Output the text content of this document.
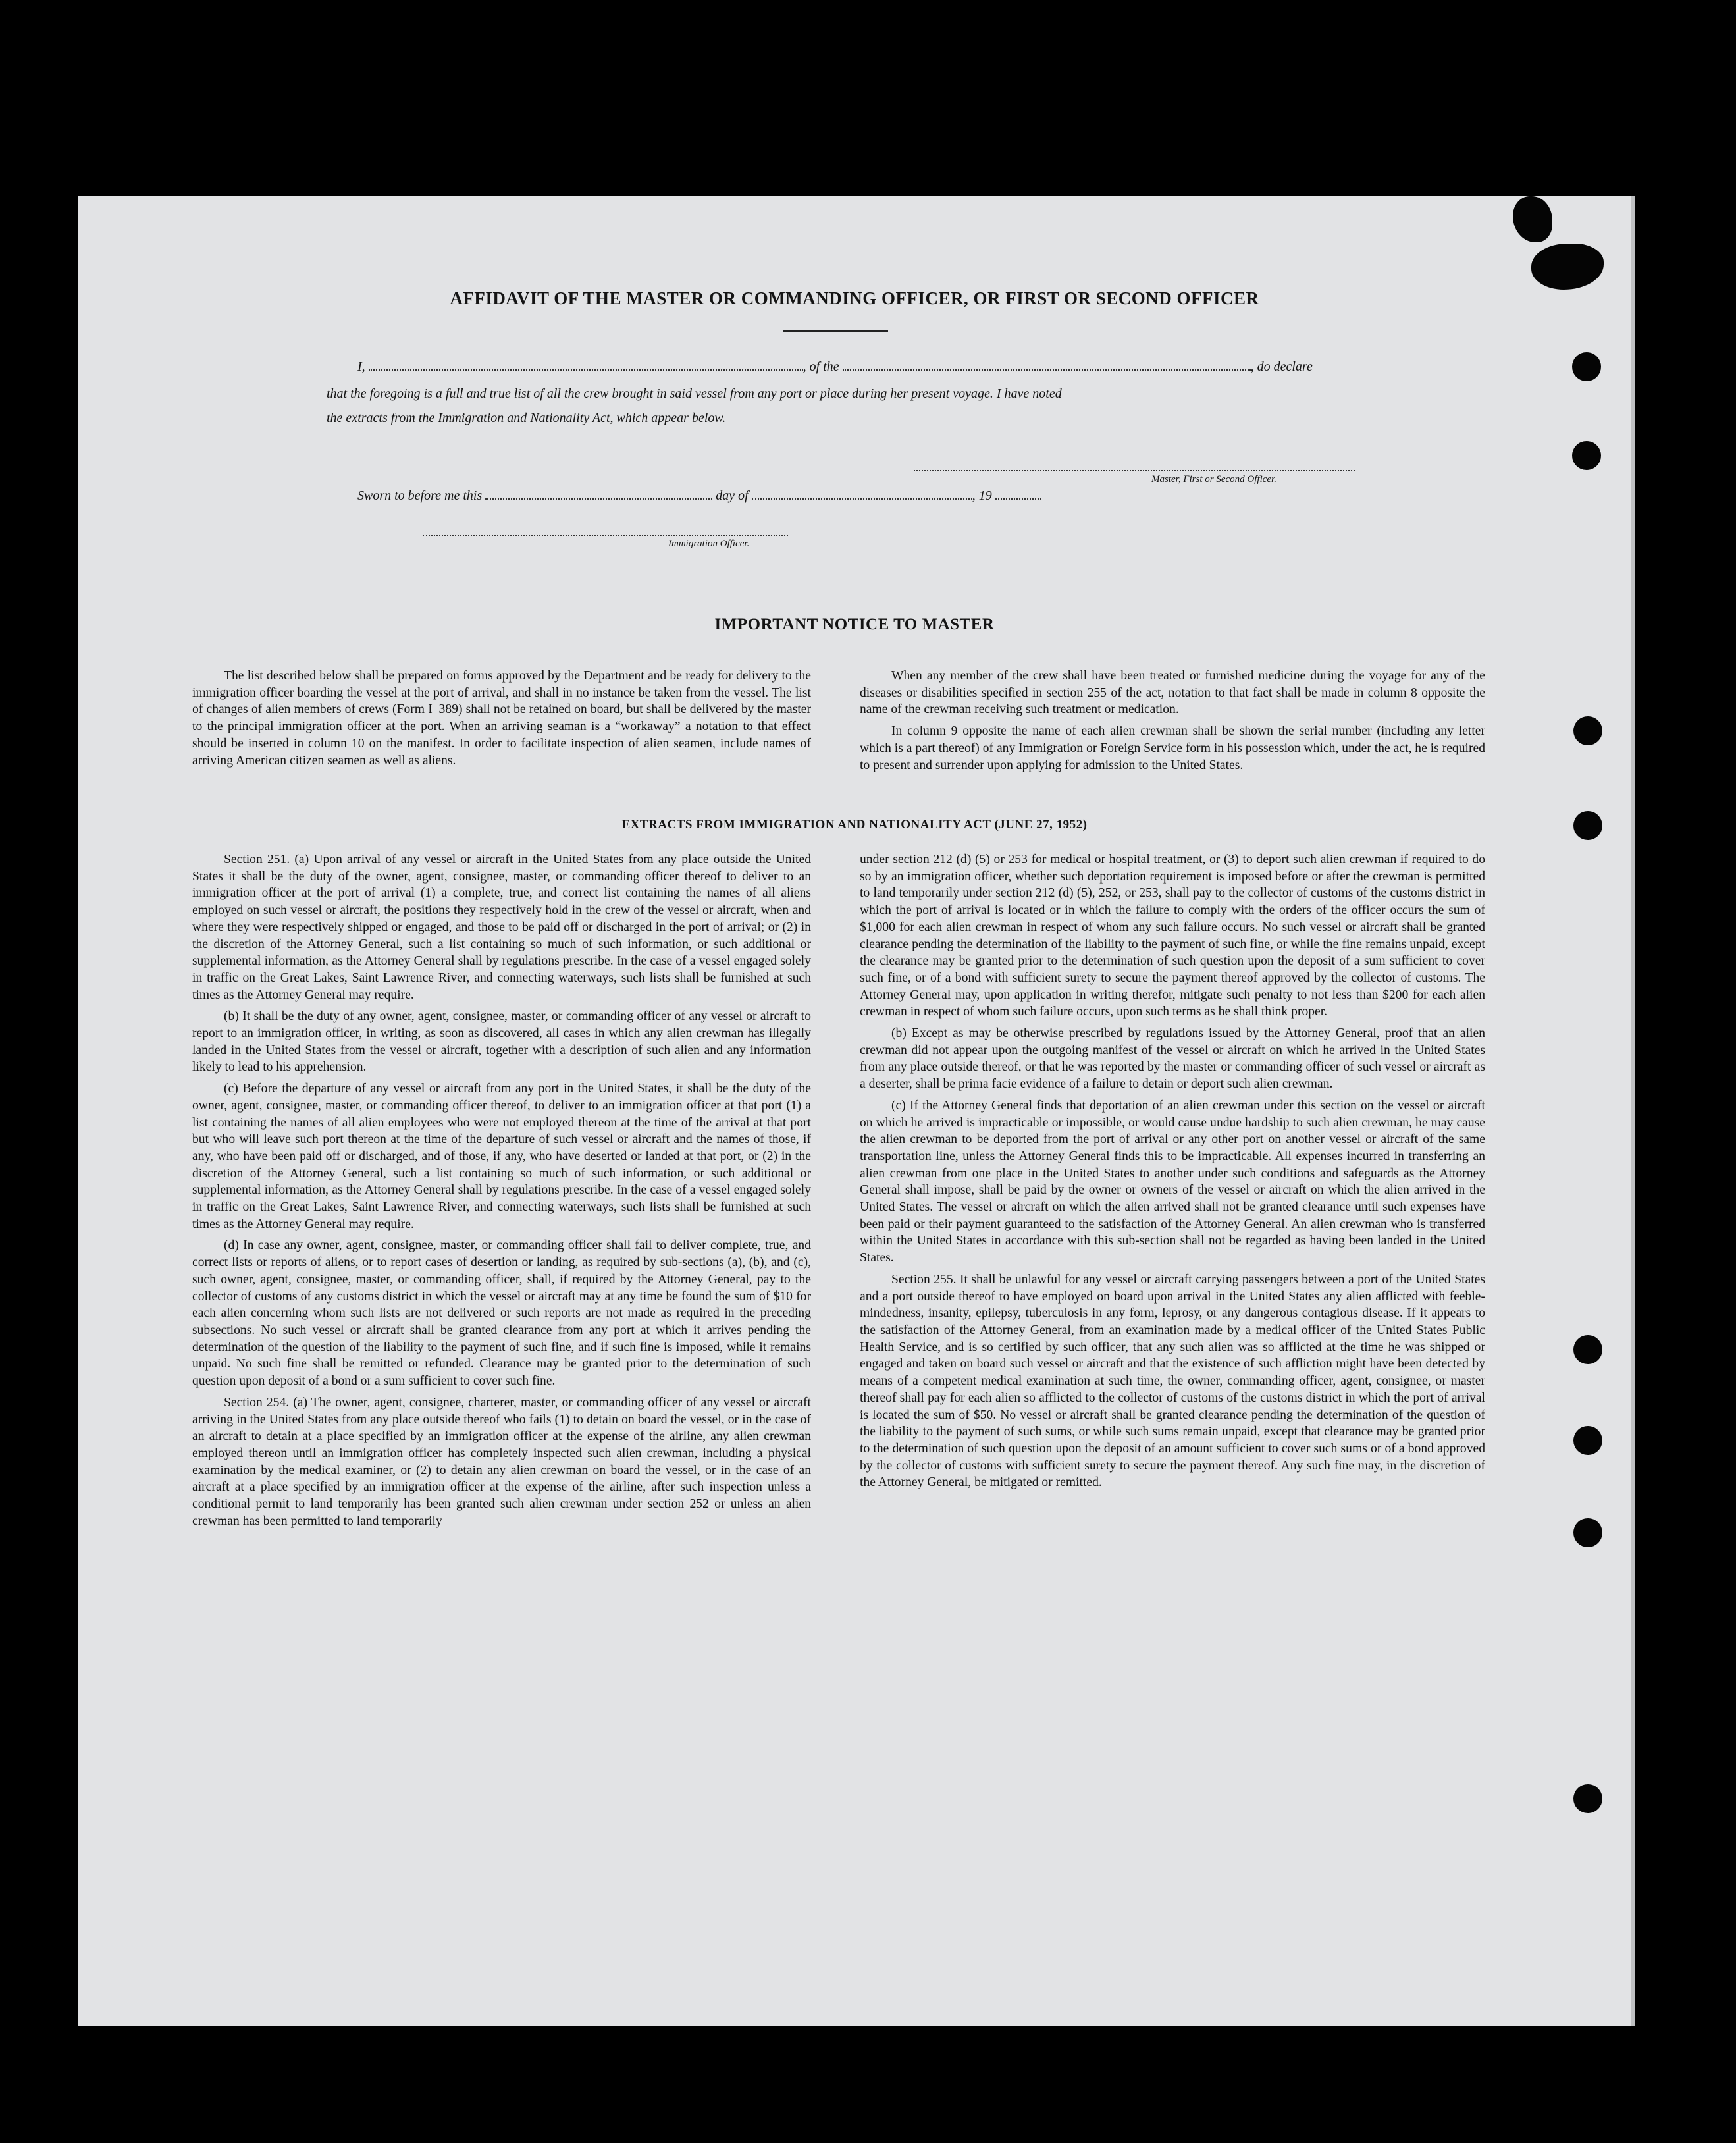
AFFIDAVIT OF THE MASTER OR COMMANDING OFFICER, OR FIRST OR SECOND OFFICER
I,	, of the	, do declare
that the foregoing is a full and true list of all the crew brought in said vessel from any port or place during her present voyage. I have noted
the extracts from the Immigration and Nationality Act, which appear below.
Master, First or Second Officer.
Sworn to before me this	day of	, 19
Immigration Officer.
IMPORTANT NOTICE TO MASTER

The list described below shall be prepared on forms approved by the Department and be ready for delivery to the immigration officer boarding the vessel at the port of arrival, and shall in no instance be taken from the vessel. The list of changes of alien members of crews (Form I–389) shall not be retained on board, but shall be delivered by the master to the principal immigration officer at the port. When an arriving seaman is a “workaway” a notation to that effect should be inserted in column 10 on the manifest. In order to facilitate inspection of alien seamen, include names of arriving American citizen seamen as well as aliens.

When any member of the crew shall have been treated or furnished medicine during the voyage for any of the diseases or disabilities specified in section 255 of the act, notation to that fact shall be made in column 8 opposite the name of the crewman receiving such treatment or medication.

In column 9 opposite the name of each alien crewman shall be shown the serial number (including any letter which is a part thereof) of any Immigration or Foreign Service form in his possession which, under the act, he is required to present and surrender upon applying for admission to the United States.

EXTRACTS FROM IMMIGRATION AND NATIONALITY ACT (JUNE 27, 1952)

Section 251. (a) Upon arrival of any vessel or aircraft in the United States from any place outside the United States it shall be the duty of the owner, agent, consignee, master, or commanding officer thereof to deliver to an immigration officer at the port of arrival (1) a complete, true, and correct list containing the names of all aliens employed on such vessel or aircraft, the positions they respectively hold in the crew of the vessel or aircraft, when and where they were respectively shipped or engaged, and those to be paid off or discharged in the port of arrival; or (2) in the discretion of the Attorney General, such a list containing so much of such information, or such additional or supplemental information, as the Attorney General shall by regulations prescribe. In the case of a vessel engaged solely in traffic on the Great Lakes, Saint Lawrence River, and connecting waterways, such lists shall be furnished at such times as the Attorney General may require.

(b) It shall be the duty of any owner, agent, consignee, master, or commanding officer of any vessel or aircraft to report to an immigration officer, in writing, as soon as discovered, all cases in which any alien crewman has illegally landed in the United States from the vessel or aircraft, together with a description of such alien and any information likely to lead to his apprehension.

(c) Before the departure of any vessel or aircraft from any port in the United States, it shall be the duty of the owner, agent, consignee, master, or commanding officer thereof, to deliver to an immigration officer at that port (1) a list containing the names of all alien employees who were not employed thereon at the time of the arrival at that port but who will leave such port thereon at the time of the departure of such vessel or aircraft and the names of those, if any, who have been paid off or discharged, and of those, if any, who have deserted or landed at that port, or (2) in the discretion of the Attorney General, such a list containing so much of such information, or such additional or supplemental information, as the Attorney General shall by regulations prescribe. In the case of a vessel engaged solely in traffic on the Great Lakes, Saint Lawrence River, and connecting waterways, such lists shall be furnished at such times as the Attorney General may require.

(d) In case any owner, agent, consignee, master, or commanding officer shall fail to deliver complete, true, and correct lists or reports of aliens, or to report cases of desertion or landing, as required by sub-sections (a), (b), and (c), such owner, agent, consignee, master, or commanding officer, shall, if required by the Attorney General, pay to the collector of customs of any customs district in which the vessel or aircraft may at any time be found the sum of $10 for each alien concerning whom such lists are not delivered or such reports are not made as required in the preceding subsections. No such vessel or aircraft shall be granted clearance from any port at which it arrives pending the determination of the question of the liability to the payment of such fine, and if such fine is imposed, while it remains unpaid. No such fine shall be remitted or refunded. Clearance may be granted prior to the determination of such question upon deposit of a bond or a sum sufficient to cover such fine.

Section 254. (a) The owner, agent, consignee, charterer, master, or commanding officer of any vessel or aircraft arriving in the United States from any place outside thereof who fails (1) to detain on board the vessel, or in the case of an aircraft to detain at a place specified by an immigration officer at the expense of the airline, any alien crewman employed thereon until an immigration officer has completely inspected such alien crewman, including a physical examination by the medical examiner, or (2) to detain any alien crewman on board the vessel, or in the case of an aircraft at a place specified by an immigration officer at the expense of the airline, after such inspection unless a conditional permit to land temporarily has been granted such alien crewman under section 252 or unless an alien crewman has been permitted to land temporarily

under section 212 (d) (5) or 253 for medical or hospital treatment, or (3) to deport such alien crewman if required to do so by an immigration officer, whether such deportation requirement is imposed before or after the crewman is permitted to land temporarily under section 212 (d) (5), 252, or 253, shall pay to the collector of customs of the customs district in which the port of arrival is located or in which the failure to comply with the orders of the officer occurs the sum of $1,000 for each alien crewman in respect of whom any such failure occurs. No such vessel or aircraft shall be granted clearance pending the determination of the liability to the payment of such fine, or while the fine remains unpaid, except the clearance may be granted prior to the determination of such question upon the deposit of a sum sufficient to cover such fine, or of a bond with sufficient surety to secure the payment thereof approved by the collector of customs. The Attorney General may, upon application in writing therefor, mitigate such penalty to not less than $200 for each alien crewman in respect of whom such failure occurs, upon such terms as he shall think proper.

(b) Except as may be otherwise prescribed by regulations issued by the Attorney General, proof that an alien crewman did not appear upon the outgoing manifest of the vessel or aircraft on which he arrived in the United States from any place outside thereof, or that he was reported by the master or commanding officer of such vessel or aircraft as a deserter, shall be prima facie evidence of a failure to detain or deport such alien crewman.

(c) If the Attorney General finds that deportation of an alien crewman under this section on the vessel or aircraft on which he arrived is impracticable or impossible, or would cause undue hardship to such alien crewman, he may cause the alien crewman to be deported from the port of arrival or any other port on another vessel or aircraft of the same transportation line, unless the Attorney General finds this to be impracticable. All expenses incurred in transferring an alien crewman from one place in the United States to another under such conditions and safeguards as the Attorney General shall impose, shall be paid by the owner or owners of the vessel or aircraft on which the alien arrived in the United States. The vessel or aircraft on which the alien arrived shall not be granted clearance until such expenses have been paid or their payment guaranteed to the satisfaction of the Attorney General. An alien crewman who is transferred within the United States in accordance with this sub-section shall not be regarded as having been landed in the United States.

Section 255. It shall be unlawful for any vessel or aircraft carrying passengers between a port of the United States and a port outside thereof to have employed on board upon arrival in the United States any alien afflicted with feeble-mindedness, insanity, epilepsy, tuberculosis in any form, leprosy, or any dangerous contagious disease. If it appears to the satisfaction of the Attorney General, from an examination made by a medical officer of the United States Public Health Service, and is so certified by such officer, that any such alien was so afflicted at the time he was shipped or engaged and taken on board such vessel or aircraft and that the existence of such affliction might have been detected by means of a competent medical examination at such time, the owner, commanding officer, agent, consignee, or master thereof shall pay for each alien so afflicted to the collector of customs of the customs district in which the port of arrival is located the sum of $50. No vessel or aircraft shall be granted clearance pending the determination of the question of the liability to the payment of such sums, or while such sums remain unpaid, except that clearance may be granted prior to the determination of such question upon the deposit of an amount sufficient to cover such sums or of a bond approved by the collector of customs with sufficient surety to secure the payment thereof. Any such fine may, in the discretion of the Attorney General, be mitigated or remitted.
